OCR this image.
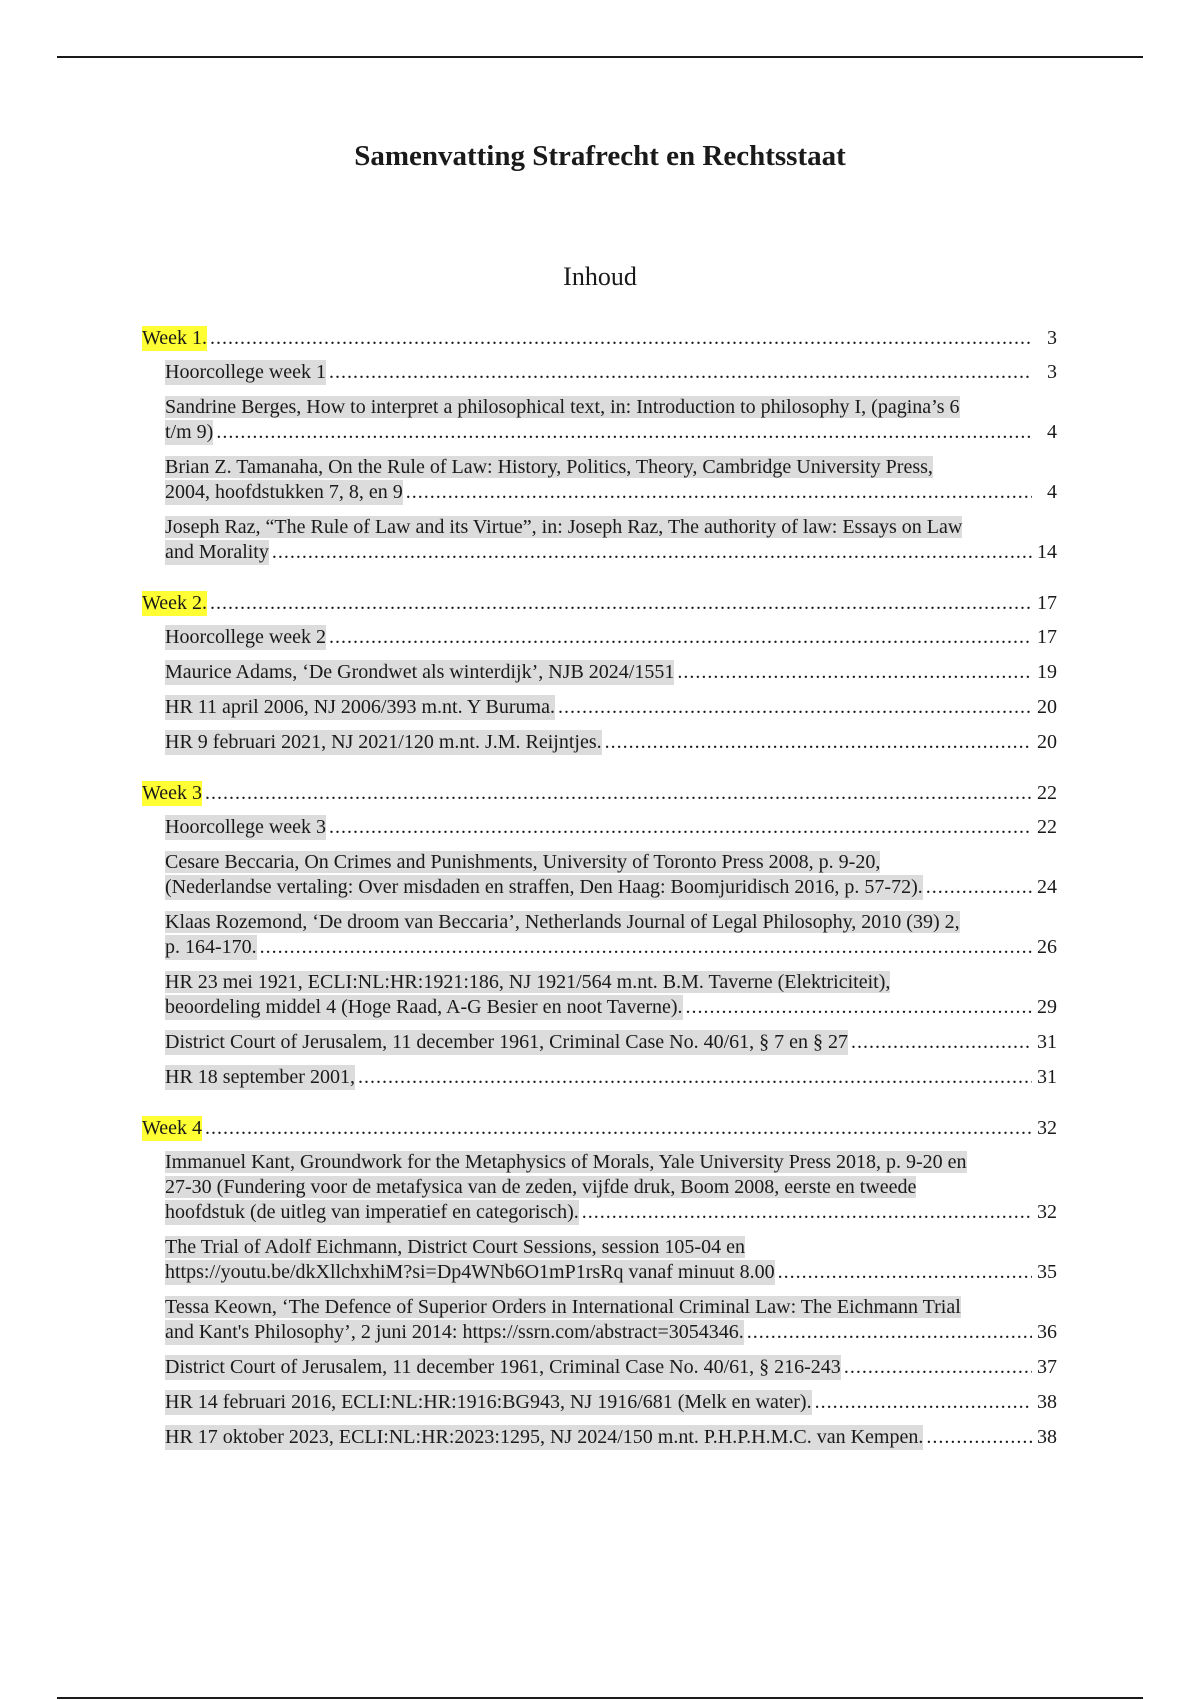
Samenvatting Strafrecht en Rechtsstaat
Inhoud
Week 1. .....	3
Hoorcollege week 1 .....	3
Sandrine Berges, How to interpret a philosophical text, in: Introduction to philosophy I, (pagina’s 6
t/m 9) .....	4
Brian Z. Tamanaha, On the Rule of Law: History, Politics, Theory, Cambridge University Press,
2004, hoofdstukken 7, 8, en 9 .....	4
Joseph Raz, “The Rule of Law and its Virtue”, in: Joseph Raz, The authority of law: Essays on Law
and Morality .....	14
Week 2. .....	17
Hoorcollege week 2 .....	17
Maurice Adams, ‘De Grondwet als winterdijk’, NJB 2024/1551 .....	19
HR 11 april 2006, NJ 2006/393 m.nt. Y Buruma. .....	20
HR 9 februari 2021, NJ 2021/120 m.nt. J.M. Reijntjes. .....	20
Week 3 .....	22
Hoorcollege week 3 .....	22
Cesare Beccaria, On Crimes and Punishments, University of Toronto Press 2008, p. 9-20,
(Nederlandse vertaling: Over misdaden en straffen, Den Haag: Boomjuridisch 2016, p. 57-72). .....	24
Klaas Rozemond, ‘De droom van Beccaria’, Netherlands Journal of Legal Philosophy, 2010 (39) 2,
p. 164-170. .....	26
HR 23 mei 1921, ECLI:NL:HR:1921:186, NJ 1921/564 m.nt. B.M. Taverne (Elektriciteit),
beoordeling middel 4 (Hoge Raad, A-G Besier en noot Taverne). .....	29
District Court of Jerusalem, 11 december 1961, Criminal Case No. 40/61, § 7 en § 27 .....	31
HR 18 september 2001, .....	31
Week 4 .....	32
Immanuel Kant, Groundwork for the Metaphysics of Morals, Yale University Press 2018, p. 9-20 en
27-30 (Fundering voor de metafysica van de zeden, vijfde druk, Boom 2008, eerste en tweede
hoofdstuk (de uitleg van imperatief en categorisch). .....	32
The Trial of Adolf Eichmann, District Court Sessions, session 105-04 en
https://youtu.be/dkXllchxhiM?si=Dp4WNb6O1mP1rsRq vanaf minuut 8.00 .....	35
Tessa Keown, ‘The Defence of Superior Orders in International Criminal Law: The Eichmann Trial
and Kant's Philosophy’, 2 juni 2014: https://ssrn.com/abstract=3054346. .....	36
District Court of Jerusalem, 11 december 1961, Criminal Case No. 40/61, § 216-243 .....	37
HR 14 februari 2016, ECLI:NL:HR:1916:BG943, NJ 1916/681 (Melk en water). .....	38
HR 17 oktober 2023, ECLI:NL:HR:2023:1295, NJ 2024/150 m.nt. P.H.P.H.M.C. van Kempen. .....	38
